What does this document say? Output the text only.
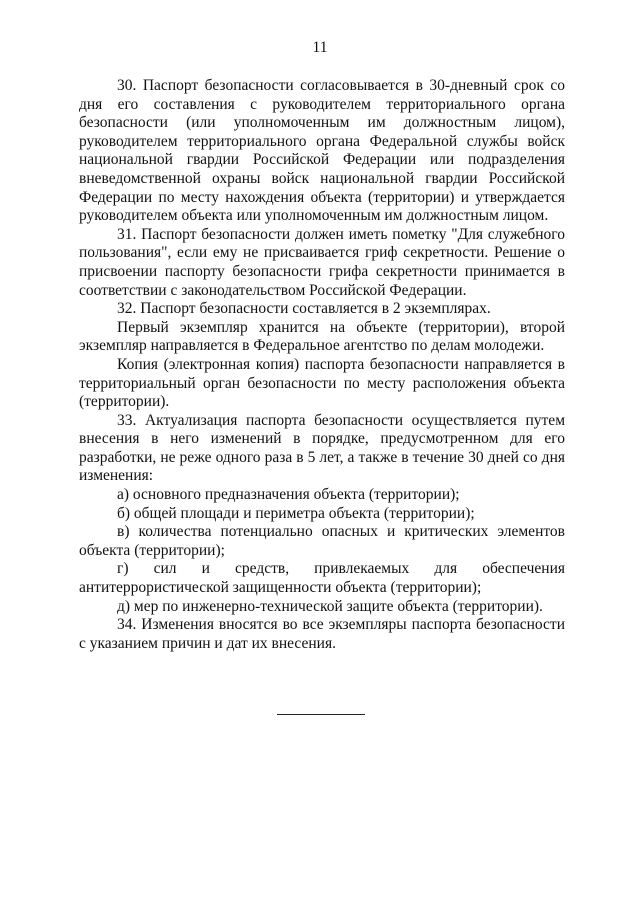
11

30. Паспорт безопасности согласовывается в 30-дневный срок со дня его составления с руководителем территориального органа безопасности (или уполномоченным им должностным лицом), руководителем территориального органа Федеральной службы войск национальной гвардии Российской Федерации или подразделения вневедомственной охраны войск национальной гвардии Российской Федерации по месту нахождения объекта (территории) и утверждается руководителем объекта или уполномоченным им должностным лицом.

31. Паспорт безопасности должен иметь пометку "Для служебного пользования", если ему не присваивается гриф секретности. Решение о присвоении паспорту безопасности грифа секретности принимается в соответствии с законодательством Российской Федерации.

32. Паспорт безопасности составляется в 2 экземплярах.

Первый экземпляр хранится на объекте (территории), второй экземпляр направляется в Федеральное агентство по делам молодежи.

Копия (электронная копия) паспорта безопасности направляется в территориальный орган безопасности по месту расположения объекта (территории).

33. Актуализация паспорта безопасности осуществляется путем внесения в него изменений в порядке, предусмотренном для его разработки, не реже одного раза в 5 лет, а также в течение 30 дней со дня изменения:

а) основного предназначения объекта (территории);

б) общей площади и периметра объекта (территории);

в) количества потенциально опасных и критических элементов объекта (территории);

г) сил и средств, привлекаемых для обеспечения антитеррористической защищенности объекта (территории);

д) мер по инженерно-технической защите объекта (территории).

34. Изменения вносятся во все экземпляры паспорта безопасности с указанием причин и дат их внесения.
